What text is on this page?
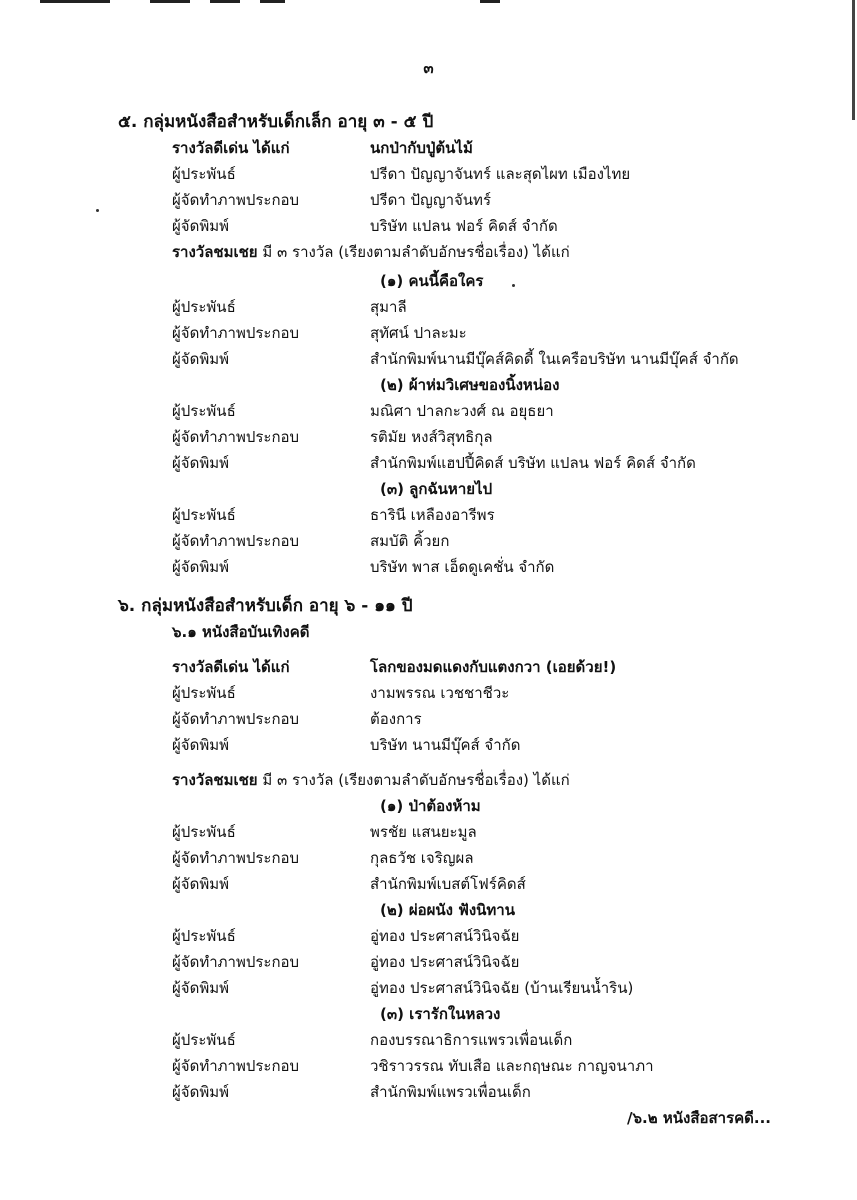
๓
๕. กลุ่มหนังสือสำหรับเด็กเล็ก อายุ ๓ - ๕ ปี
รางวัลดีเด่น ได้แก่	นกป่ากับปู่ต้นไม้
ผู้ประพันธ์	ปรีดา ปัญญาจันทร์ และสุดไผท เมืองไทย
ผู้จัดทำภาพประกอบ	ปรีดา ปัญญาจันทร์
ผู้จัดพิมพ์	บริษัท แปลน ฟอร์ คิดส์ จำกัด
รางวัลชมเชย มี ๓ รางวัล (เรียงตามลำดับอักษรชื่อเรื่อง) ได้แก่
(๑) คนนี้คือใคร
ผู้ประพันธ์	สุมาลี
ผู้จัดทำภาพประกอบ	สุทัศน์ ปาละมะ
ผู้จัดพิมพ์	สำนักพิมพ์นานมีบุ๊คส์คิดดี้ ในเครือบริษัท นานมีบุ๊คส์ จำกัด
(๒) ผ้าห่มวิเศษของนิ้งหน่อง
ผู้ประพันธ์	มณิศา ปาลกะวงศ์ ณ อยุธยา
ผู้จัดทำภาพประกอบ	รติมัย หงส์วิสุทธิกุล
ผู้จัดพิมพ์	สำนักพิมพ์แฮปปี้คิดส์ บริษัท แปลน ฟอร์ คิดส์ จำกัด
(๓) ลูกฉันหายไป
ผู้ประพันธ์	ธารินี เหลืองอารีพร
ผู้จัดทำภาพประกอบ	สมบัติ คิ้วยก
ผู้จัดพิมพ์	บริษัท พาส เอ็ดดูเคชั่น จำกัด
๖. กลุ่มหนังสือสำหรับเด็ก อายุ ๖ - ๑๑ ปี
๖.๑ หนังสือบันเทิงคดี
รางวัลดีเด่น ได้แก่	โลกของมดแดงกับแตงกวา (เอยด้วย!)
ผู้ประพันธ์	งามพรรณ เวชชาชีวะ
ผู้จัดทำภาพประกอบ	ต้องการ
ผู้จัดพิมพ์	บริษัท นานมีบุ๊คส์ จำกัด
รางวัลชมเชย มี ๓ รางวัล (เรียงตามลำดับอักษรชื่อเรื่อง) ได้แก่
(๑) ป่าต้องห้าม
ผู้ประพันธ์	พรชัย แสนยะมูล
ผู้จัดทำภาพประกอบ	กุลธวัช เจริญผล
ผู้จัดพิมพ์	สำนักพิมพ์เบสต์โฟร์คิดส์
(๒) ผ่อผนัง ฟังนิทาน
ผู้ประพันธ์	อู่ทอง ประศาสน์วินิจฉัย
ผู้จัดทำภาพประกอบ	อู่ทอง ประศาสน์วินิจฉัย
ผู้จัดพิมพ์	อู่ทอง ประศาสน์วินิจฉัย (บ้านเรียนน้ำริน)
(๓) เรารักในหลวง
ผู้ประพันธ์	กองบรรณาธิการแพรวเพื่อนเด็ก
ผู้จัดทำภาพประกอบ	วชิราวรรณ ทับเสือ และกฤษณะ กาญจนาภา
ผู้จัดพิมพ์	สำนักพิมพ์แพรวเพื่อนเด็ก
/๖.๒ หนังสือสารคดี...
